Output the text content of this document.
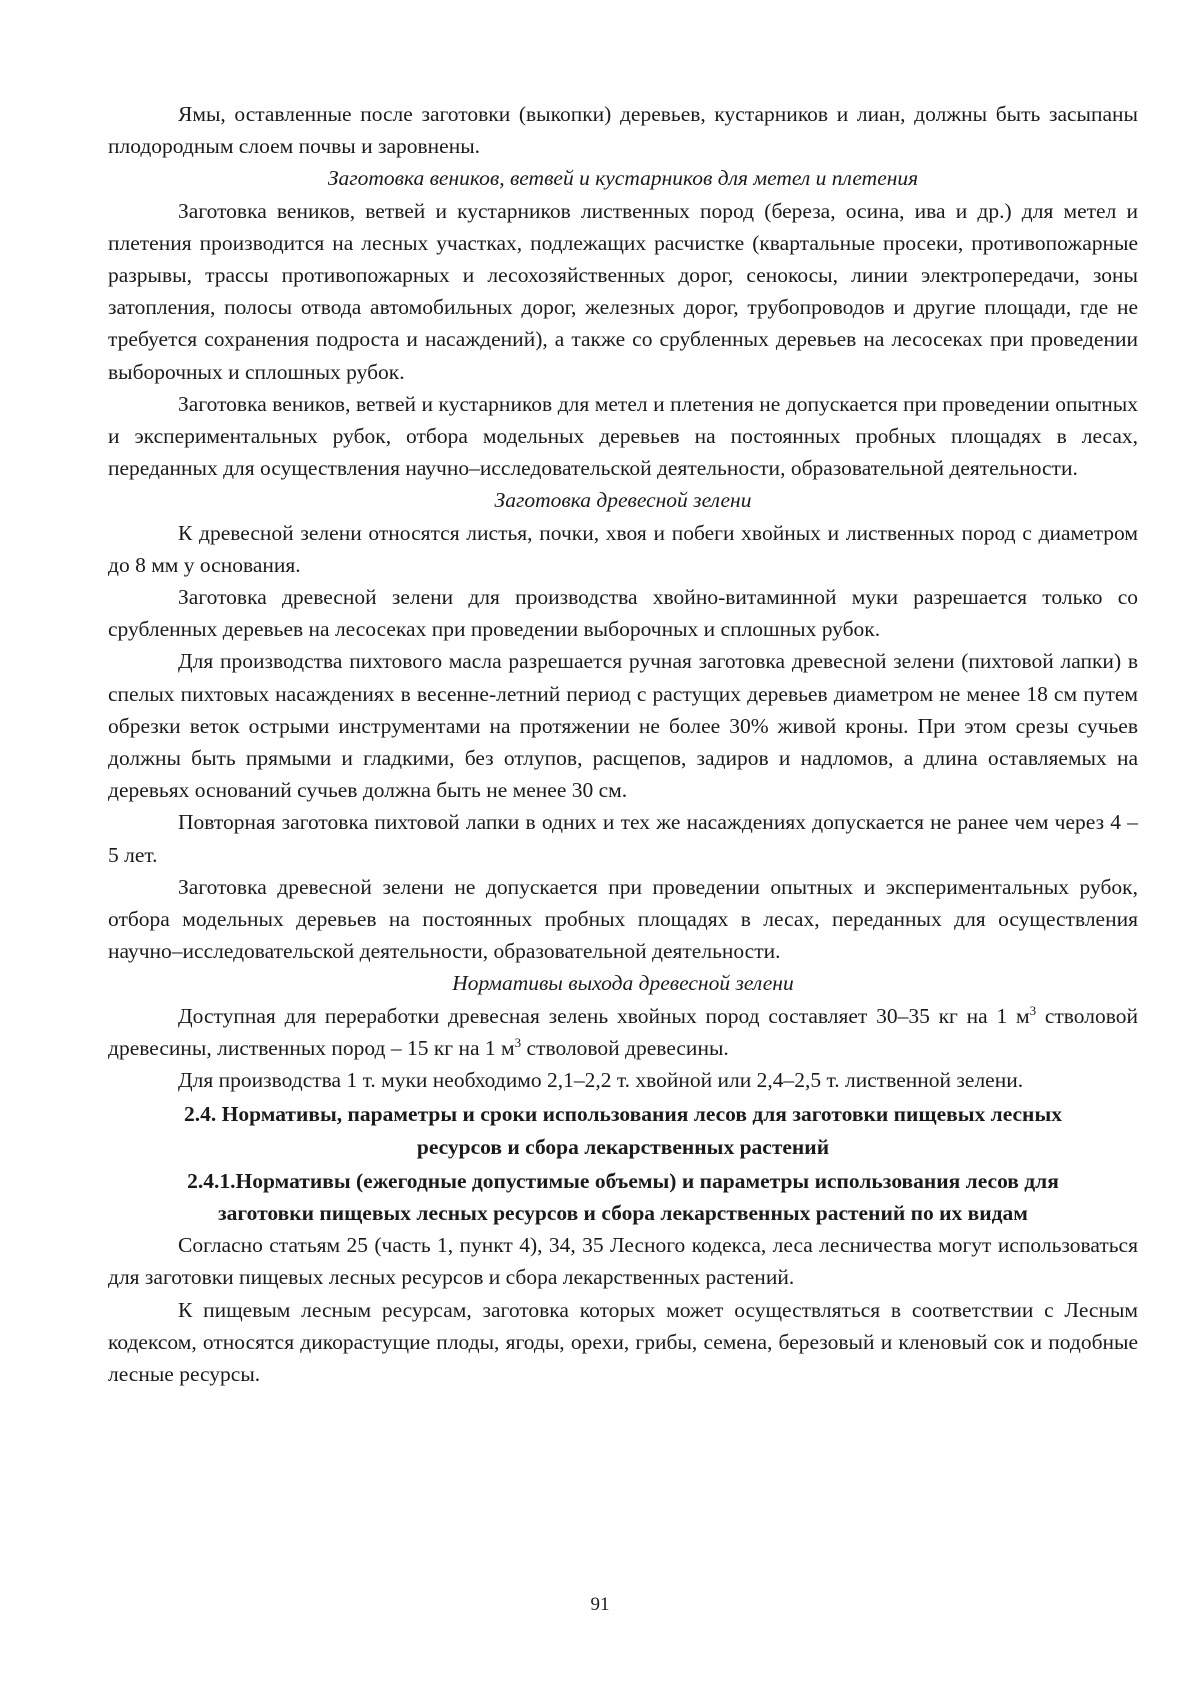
Ямы, оставленные после заготовки (выкопки) деревьев, кустарников и лиан, должны быть засыпаны плодородным слоем почвы и заровнены.

Заготовка веников, ветвей и кустарников для метел и плетения

Заготовка веников, ветвей и кустарников лиственных пород (береза, осина, ива и др.) для метел и плетения производится на лесных участках, подлежащих расчистке (квартальные просеки, противопожарные разрывы, трассы противопожарных и лесохозяйственных дорог, сенокосы, линии электропередачи, зоны затопления, полосы отвода автомобильных дорог, железных дорог, трубопроводов и другие площади, где не требуется сохранения подроста и насаждений), а также со срубленных деревьев на лесосеках при проведении выборочных и сплошных рубок.

Заготовка веников, ветвей и кустарников для метел и плетения не допускается при проведении опытных и экспериментальных рубок, отбора модельных деревьев на постоянных пробных площадях в лесах, переданных для осуществления научно–исследовательской деятельности, образовательной деятельности.

Заготовка древесной зелени

К древесной зелени относятся листья, почки, хвоя и побеги хвойных и лиственных пород с диаметром до 8 мм у основания.

Заготовка древесной зелени для производства хвойно-витаминной муки разрешается только со срубленных деревьев на лесосеках при проведении выборочных и сплошных рубок.

Для производства пихтового масла разрешается ручная заготовка древесной зелени (пихтовой лапки) в спелых пихтовых насаждениях в весенне-летний период с растущих деревьев диаметром не менее 18 см путем обрезки веток острыми инструментами на протяжении не более 30% живой кроны. При этом срезы сучьев должны быть прямыми и гладкими, без отлупов, расщепов, задиров и надломов, а длина оставляемых на деревьях оснований сучьев должна быть не менее 30 см.

Повторная заготовка пихтовой лапки в одних и тех же насаждениях допускается не ранее чем через 4 – 5 лет.

Заготовка древесной зелени не допускается при проведении опытных и экспериментальных рубок, отбора модельных деревьев на постоянных пробных площадях в лесах, переданных для осуществления научно–исследовательской деятельности, образовательной деятельности.

Нормативы выхода древесной зелени

Доступная для переработки древесная зелень хвойных пород составляет 30–35 кг на 1 $м^3$ стволовой древесины, лиственных пород – 15 кг на 1 $м^3$ стволовой древесины.

Для производства 1 т. муки необходимо 2,1–2,2 т. хвойной или 2,4–2,5 т. лиственной зелени.

2.4. Нормативы, параметры и сроки использования лесов для заготовки пищевых лесных

ресурсов и сбора лекарственных растений

2.4.1.Нормативы (ежегодные допустимые объемы) и параметры использования лесов для

заготовки пищевых лесных ресурсов и сбора лекарственных растений по их видам

Согласно статьям 25 (часть 1, пункт 4), 34, 35 Лесного кодекса, леса лесничества могут использоваться для заготовки пищевых лесных ресурсов и сбора лекарственных растений.

К пищевым лесным ресурсам, заготовка которых может осуществляться в соответствии с Лесным кодексом, относятся дикорастущие плоды, ягоды, орехи, грибы, семена, березовый и кленовый сок и подобные лесные ресурсы.

91
